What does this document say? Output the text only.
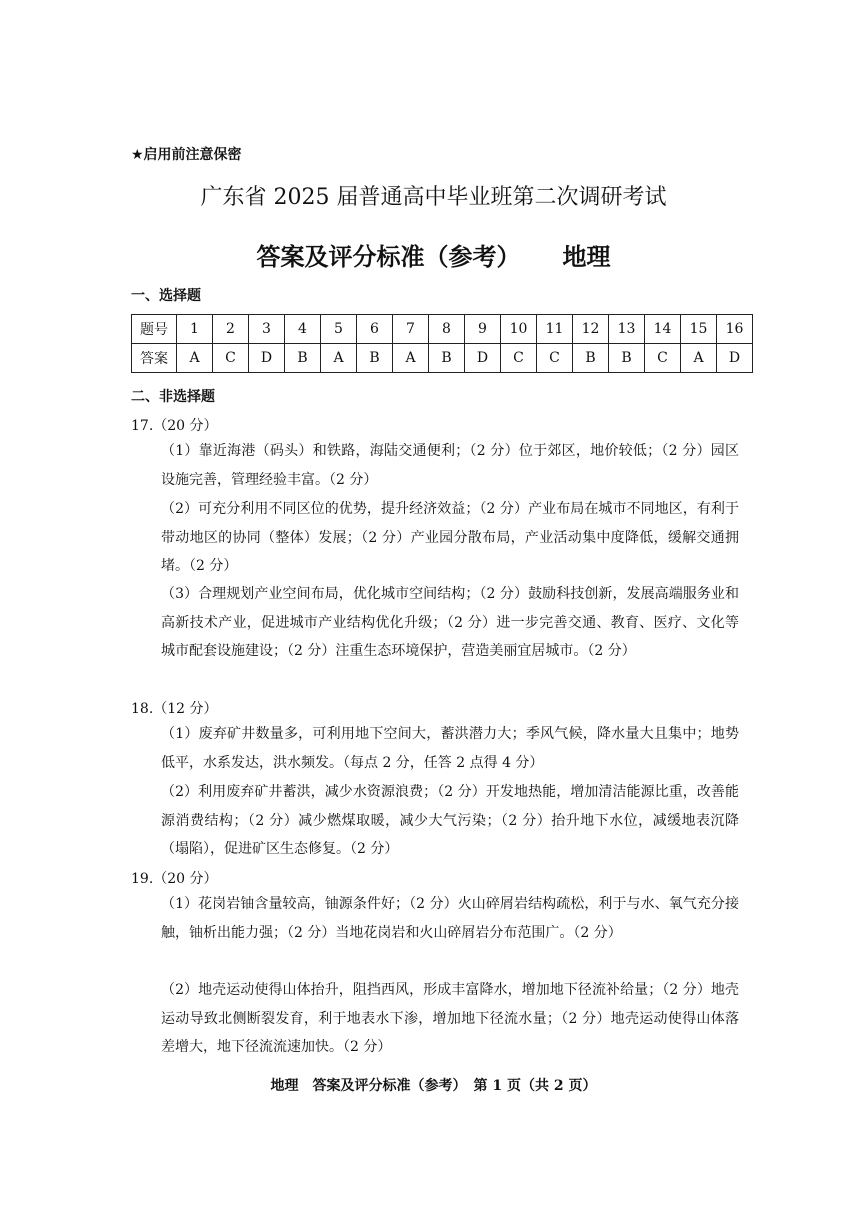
★启用前注意保密
广东省 2025 届普通高中毕业班第二次调研考试
答案及评分标准（参考） 地理
一、选择题
题号	1	2	3	4	5	6	7	8	9	10	11	12	13	14	15	16
答案	A	C	D	B	A	B	A	B	D	C	C	B	B	C	A	D
二、非选择题
17.（20 分）
（1）靠近海港（码头）和铁路，海陆交通便利；（2 分）位于郊区，地价较低；（2 分）园区设施完善，管理经验丰富。（2 分）
（2）可充分利用不同区位的优势，提升经济效益；（2 分）产业布局在城市不同地区，有利于带动地区的协同（整体）发展；（2 分）产业园分散布局，产业活动集中度降低，缓解交通拥堵。（2 分）
（3）合理规划产业空间布局，优化城市空间结构；（2 分）鼓励科技创新，发展高端服务业和高新技术产业，促进城市产业结构优化升级；（2 分）进一步完善交通、教育、医疗、文化等城市配套设施建设；（2 分）注重生态环境保护，营造美丽宜居城市。（2 分）
18.（12 分）
（1）废弃矿井数量多，可利用地下空间大，蓄洪潜力大；季风气候，降水量大且集中；地势低平，水系发达，洪水频发。（每点 2 分，任答 2 点得 4 分）
（2）利用废弃矿井蓄洪，减少水资源浪费；（2 分）开发地热能，增加清洁能源比重，改善能源消费结构；（2 分）减少燃煤取暖，减少大气污染；（2 分）抬升地下水位，减缓地表沉降（塌陷），促进矿区生态修复。（2 分）
19.（20 分）
（1）花岗岩铀含量较高，铀源条件好；（2 分）火山碎屑岩结构疏松，利于与水、氧气充分接触，铀析出能力强；（2 分）当地花岗岩和火山碎屑岩分布范围广。（2 分）
（2）地壳运动使得山体抬升，阻挡西风，形成丰富降水，增加地下径流补给量；（2 分）地壳运动导致北侧断裂发育，利于地表水下渗，增加地下径流水量；（2 分）地壳运动使得山体落差增大，地下径流流速加快。（2 分）
地理　答案及评分标准（参考）　第 1 页（共 2 页）
